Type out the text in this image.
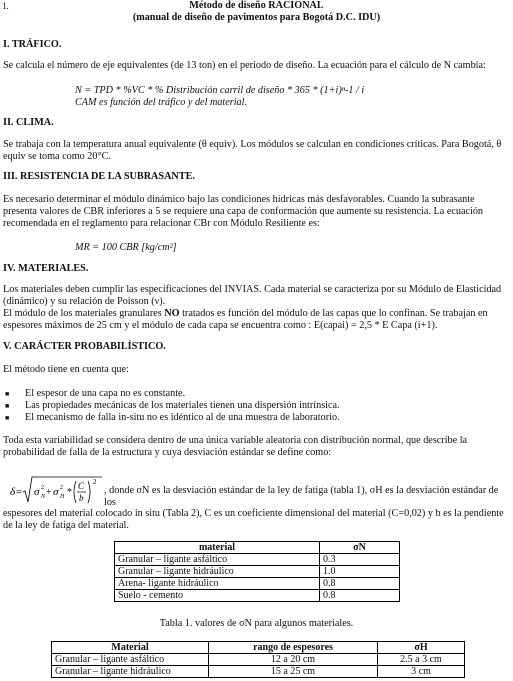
1.	Método de diseño RACIONAL
(manual de diseño de pavimentos para Bogotá D.C. IDU)
I. TRÁFICO.
Se calcula el número de eje equivalentes (de 13 ton) en el periodo de diseño. La ecuación para el cálculo de N cambia:
N = TPD * %VC * % Distribución carril de diseño * 365 * (1+i)ⁿ-1 / i
CAM es función del tráfico y del material.
II. CLIMA.
Se trabaja con la temperatura anual equivalente (θ equiv). Los módulos se calculan en condiciones críticas. Para Bogotá, θ equiv se toma como 20°C.
III. RESISTENCIA DE LA SUBRASANTE.
Es necesario determinar el módulo dinámico bajo las condiciones hídricas más desfavorables. Cuando la subrasante presenta valores de CBR inferiores a 5 se requiere una capa de conformación que aumente su resistencia. La ecuación recomendada en el reglamento para relacionar CBr con Módulo Resiliente es:
MR = 100 CBR [kg/cm²]
IV. MATERIALES.
Los materiales deben cumplir las especificaciones del INVIAS. Cada material se caracteriza por su Módulo de Elasticidad (dinámico) y su relación de Poisson (ν).
El módulo de los materiales granulares NO tratados es función del módulo de las capas que lo confinan. Se trabajan en espesores máximos de 25 cm y el módulo de cada capa se encuentra como : E(capai) = 2,5 * E Capa (i+1).
V. CARÁCTER PROBABILÍSTICO.
El método tiene en cuenta que:
■ El espesor de una capa no es constante.
■ Las propiedades mecánicas de los materiales tienen una dispersión intrínsica.
■ El mecanismo de falla in-situ no es idéntico al de una muestra de laboratorio.
Toda esta variabilidad se considera dentro de una única variable aleatoria con distribución normal, que describe la probabilidad de falla de la estructura y cuya desviación estándar se define como:
δ= σ N
2 + σ H
2 *
C
b
2
, donde σN es la desviación estándar de la ley de fatiga (tabla 1), σH es la desviación estándar de los
espesores del material colocado in situ (Tabla 2), C es un coeficiente dimensional del material (C=0,02) y b es la pendiente de la ley de fatiga del material.
material	σN
Granular – ligante asfáltico	0.3
Granular – ligante hidráulico	1.0
Arena- ligante hidráulico	0.8
Suelo - cemento	0.8
Tabla 1. valores de σN para algunos materiales.
Material	rango de espesores	σH
Granular – ligante asfáltico	12 a 20 cm	2.5 a 3 cm
Granular – ligante hidráulico	15 a 25 cm	3 cm
